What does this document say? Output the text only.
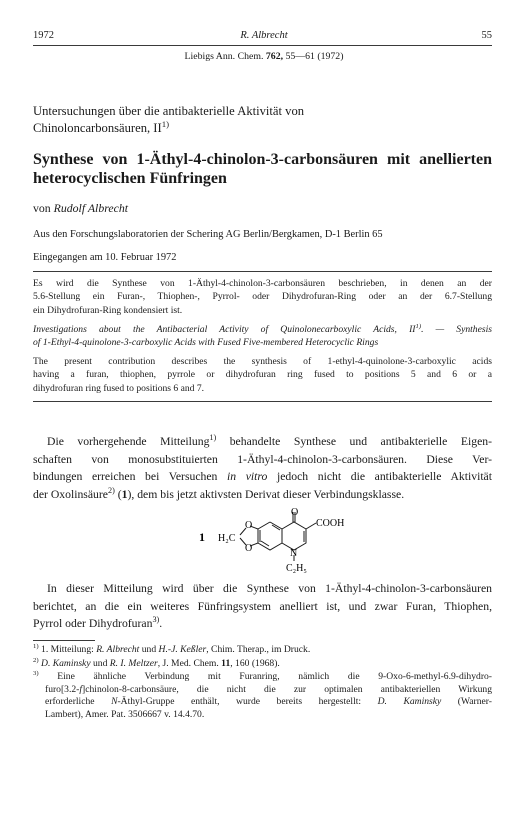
1972	R. Albrecht	55
Liebigs Ann. Chem. 762, 55—61 (1972)
Untersuchungen über die antibakterielle Aktivität von
Chinoloncarbonsäuren, II$^{1)}$
Synthese von 1-Äthyl-4-chinolon-3-carbonsäuren mit anellierten
heterocyclischen Fünfringen
von Rudolf Albrecht
Aus den Forschungslaboratorien der Schering AG Berlin/Bergkamen, D-1 Berlin 65
Eingegangen am 10. Februar 1972
Es wird die Synthese von 1-Äthyl-4-chinolon-3-carbonsäuren beschrieben, in denen an der
5.6-Stellung ein Furan-, Thiophen-, Pyrrol- oder Dihydrofuran-Ring oder an der 6.7-Stellung
ein Dihydrofuran-Ring kondensiert ist.
Investigations about the Antibacterial Activity of Quinolonecarboxylic Acids, II$^{1)}$. — Synthesis
of 1-Ethyl-4-quinolone-3-carboxylic Acids with Fused Five-membered Heterocyclic Rings
The present contribution describes the synthesis of 1-ethyl-4-quinolone-3-carboxylic acids
having a furan, thiophen, pyrrole or dihydrofuran ring fused to positions 5 and 6 or a
dihydrofuran ring fused to positions 6 and 7.
Die vorhergehende Mitteilung$^{1)}$ behandelte Synthese und antibakterielle Eigen-
schaften von monosubstituierten 1-Äthyl-4-chinolon-3-carbonsäuren. Diese Ver-
bindungen erreichen bei Versuchen in vitro jedoch nicht die antibakterielle Aktivität
der Oxolinsäure$^{2)}$ (1), dem bis jetzt aktivsten Derivat dieser Verbindungsklasse.
1
O
COOH
O
O
H₂C
N
C₂H₅
In dieser Mitteilung wird über die Synthese von 1-Äthyl-4-chinolon-3-carbonsäuren
berichtet, an die ein weiteres Fünfringsystem anelliert ist, und zwar Furan, Thiophen,
Pyrrol oder Dihydrofuran$^{3)}$.
$^{1)}$ 1. Mitteilung: R. Albrecht und H.-J. Keßler, Chim. Therap., im Druck.
$^{2)}$ D. Kaminsky und R. I. Meltzer, J. Med. Chem. 11, 160 (1968).
$^{3)}$ Eine ähnliche Verbindung mit Furanring, nämlich die 9-Oxo-6-methyl-6.9-dihydro-
furo[3.2-f]chinolon-8-carbonsäure, die nicht die zur optimalen antibakteriellen Wirkung
erforderliche N-Äthyl-Gruppe enthält, wurde bereits hergestellt: D. Kaminsky (Warner-
Lambert), Amer. Pat. 3506667 v. 14.4.70.
